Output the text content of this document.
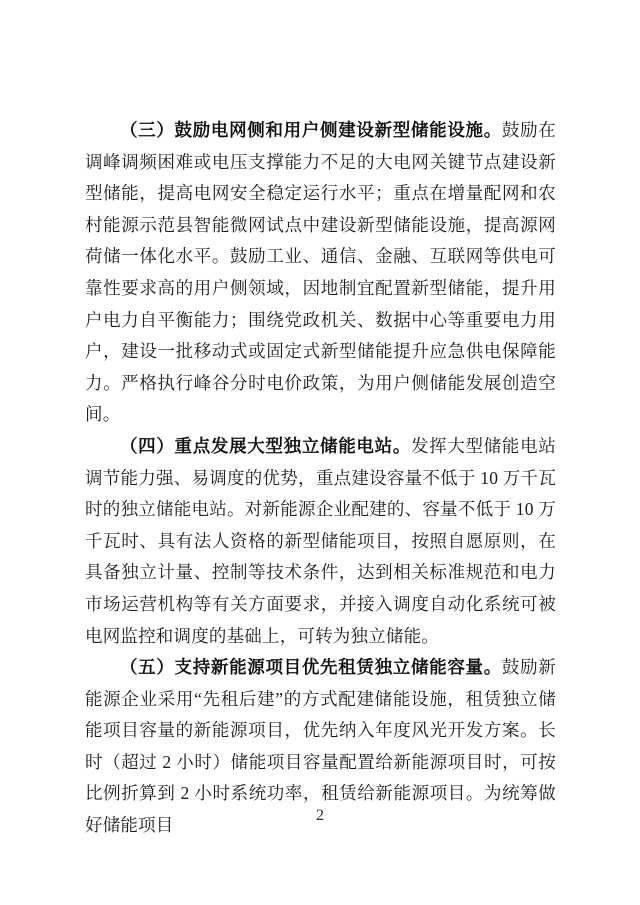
（三）鼓励电网侧和用户侧建设新型储能设施。鼓励在调峰调频困难或电压支撑能力不足的大电网关键节点建设新型储能，提高电网安全稳定运行水平；重点在增量配网和农村能源示范县智能微网试点中建设新型储能设施，提高源网荷储一体化水平。鼓励工业、通信、金融、互联网等供电可靠性要求高的用户侧领域，因地制宜配置新型储能，提升用户电力自平衡能力；围绕党政机关、数据中心等重要电力用户，建设一批移动式或固定式新型储能提升应急供电保障能力。严格执行峰谷分时电价政策，为用户侧储能发展创造空间。

（四）重点发展大型独立储能电站。发挥大型储能电站调节能力强、易调度的优势，重点建设容量不低于 10 万千瓦时的独立储能电站。对新能源企业配建的、容量不低于 10 万千瓦时、具有法人资格的新型储能项目，按照自愿原则，在具备独立计量、控制等技术条件，达到相关标准规范和电力市场运营机构等有关方面要求，并接入调度自动化系统可被电网监控和调度的基础上，可转为独立储能。

（五）支持新能源项目优先租赁独立储能容量。鼓励新能源企业采用“先租后建”的方式配建储能设施，租赁独立储能项目容量的新能源项目，优先纳入年度风光开发方案。长时（超过 2 小时）储能项目容量配置给新能源项目时，可按比例折算到 2 小时系统功率，租赁给新能源项目。为统筹做好储能项目	2
